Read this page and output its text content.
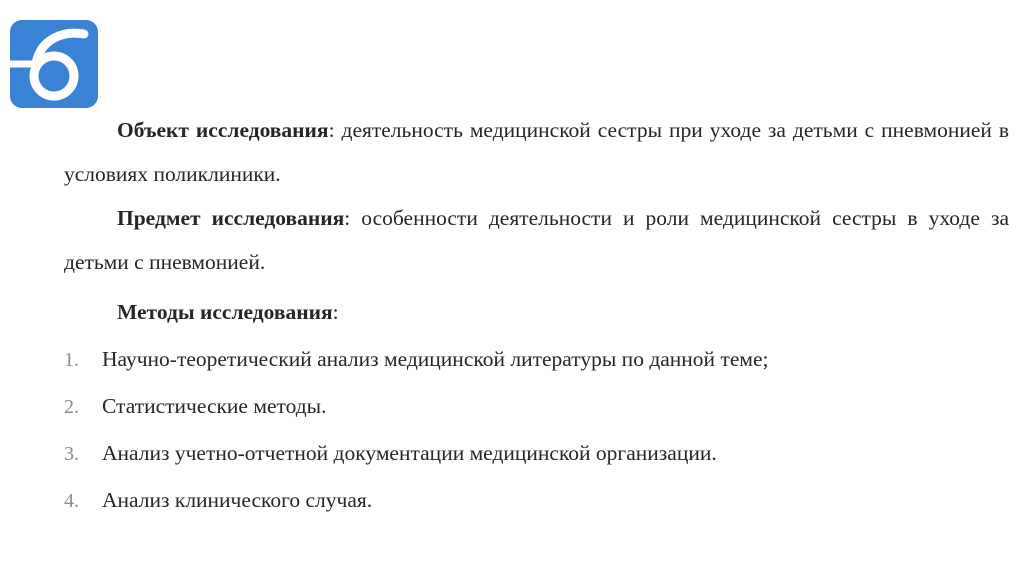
Объект исследования: деятельность медицинской сестры при уходе за детьми с пневмонией в условиях поликлиники.

Предмет исследования: особенности деятельности и роли медицинской сестры в уходе за детьми с пневмонией.

Методы исследования:

1. Научно-теоретический анализ медицинской литературы по данной теме;
2. Статистические методы.
3. Анализ учетно-отчетной документации медицинской организации.
4. Анализ клинического случая.
